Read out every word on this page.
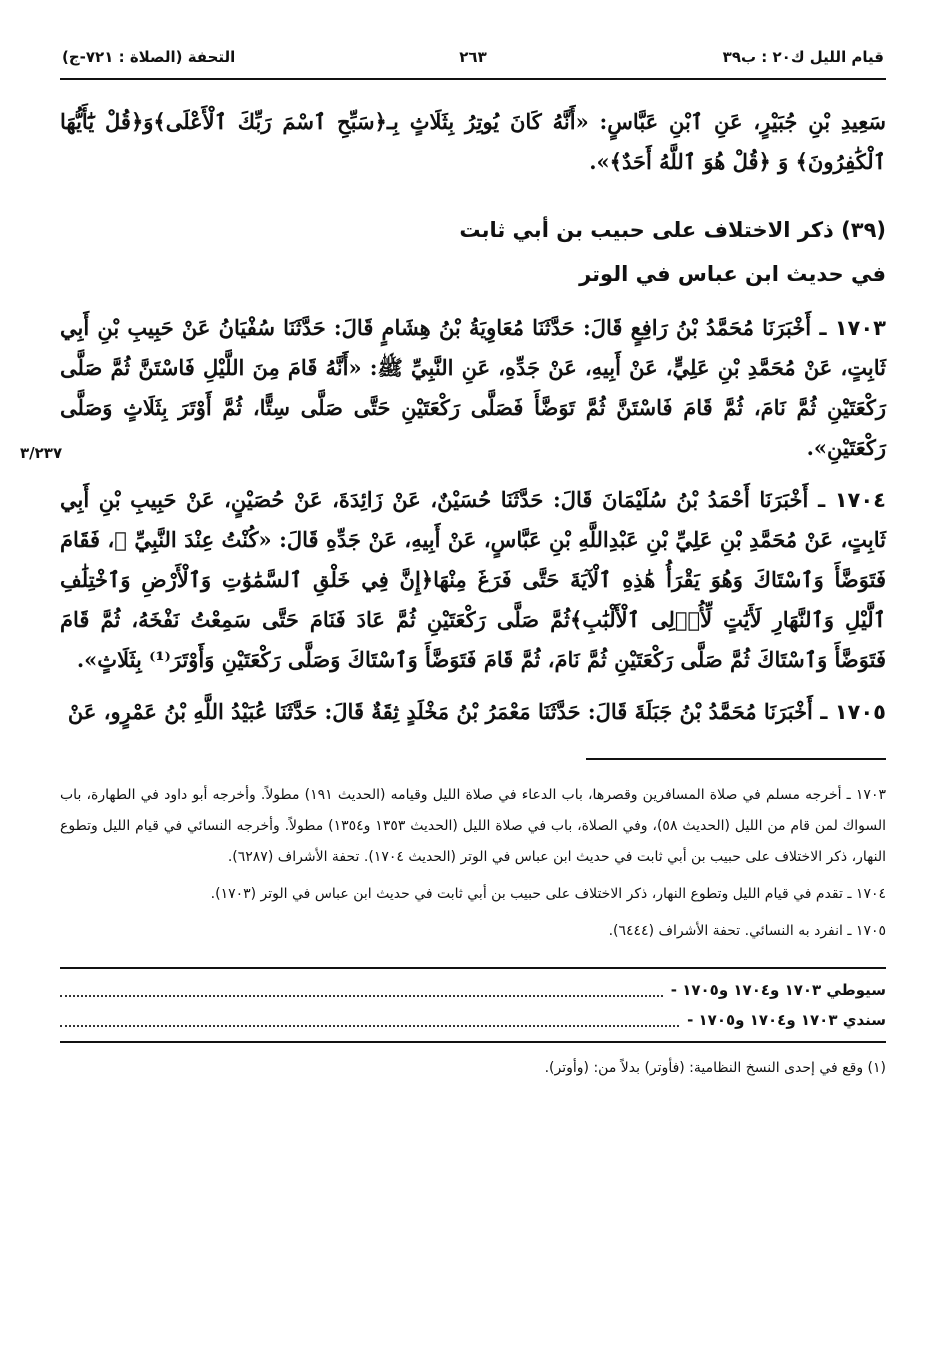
قيام الليل ك٢٠ : ب٣٩
٢٦٣
التحفة (الصلاة : ٧٢١-ج)

سَعِيدِ بْنِ جُبَيْرٍ، عَنِ ٱبْنِ عَبَّاسٍ: «أَنَّهُ كَانَ يُوتِرُ بِثَلَاثٍ بِـ﴿سَبِّحِ ٱسْمَ رَبِّكَ ٱلْأَعْلَى﴾وَ﴿قُلْ يَٰٓأَيُّهَا ٱلْكَٰفِرُونَ﴾ وَ ﴿قُلْ هُوَ ٱللَّهُ أَحَدٌ﴾».

(٣٩) ذكر الاختلاف على حبيب بن أبي ثابت
في حديث ابن عباس في الوتر

١٧٠٣ ـ أَخْبَرَنَا مُحَمَّدُ بْنُ رَافِعٍ قَالَ: حَدَّثَنَا مُعَاوِيَةُ بْنُ هِشَامٍ قَالَ: حَدَّثَنَا سُفْيَانُ عَنْ حَبِيبِ بْنِ أَبِي ثَابِتٍ، عَنْ مُحَمَّدِ بْنِ عَلِيٍّ، عَنْ أَبِيهِ، عَنْ جَدِّهِ، عَنِ النَّبِيِّ ﷺ: «أَنَّهُ قَامَ مِنَ اللَّيْلِ فَاسْتَنَّ ثُمَّ صَلَّى رَكْعَتَيْنِ ثُمَّ نَامَ، ثُمَّ قَامَ فَاسْتَنَّ ثُمَّ تَوَضَّأَ فَصَلَّى رَكْعَتَيْنِ حَتَّى صَلَّى سِتًّا، ثُمَّ أَوْتَرَ بِثَلَاثٍ وَصَلَّى رَكْعَتَيْنِ».

١٧٠٤ ـ أَخْبَرَنَا أَحْمَدُ بْنُ سُلَيْمَانَ قَالَ: حَدَّثَنَا حُسَيْنٌ، عَنْ زَائِدَةَ، عَنْ حُصَيْنٍ، عَنْ حَبِيبِ بْنِ أَبِي ثَابِتٍ، عَنْ مُحَمَّدِ بْنِ عَلِيِّ بْنِ عَبْدِاللَّهِ بْنِ عَبَّاسٍ، عَنْ أَبِيهِ، عَنْ جَدِّهِ قَالَ: «كُنْتُ عِنْدَ النَّبِيِّ ﷺ، فَقَامَ فَتَوَضَّأَ وَٱسْتَاكَ وَهُوَ يَقْرَأُ هَٰذِهِ ٱلْآيَةَ حَتَّى فَرَغَ مِنْهَا﴿إِنَّ فِي خَلْقِ ٱلسَّمَٰوَٰتِ وَٱلْأَرْضِ وَٱخْتِلَٰفِ ٱلَّيْلِ وَٱلنَّهَارِ لَأَيَٰتٍ لِّأُو۟لِى ٱلْأَلْبَٰبِ﴾ثُمَّ صَلَّى رَكْعَتَيْنِ ثُمَّ عَادَ فَنَامَ حَتَّى سَمِعْتُ نَفْخَهُ، ثُمَّ قَامَ فَتَوَضَّأَ وَٱسْتَاكَ ثُمَّ صَلَّى رَكْعَتَيْنِ ثُمَّ نَامَ، ثُمَّ قَامَ فَتَوَضَّأَ وَٱسْتَاكَ وَصَلَّى رَكْعَتَيْنِ وَأَوْتَرَ⁽¹⁾ بِثَلَاثٍ».

١٧٠٥ ـ أَخْبَرَنَا مُحَمَّدُ بْنُ جَبَلَةَ قَالَ: حَدَّثَنَا مَعْمَرُ بْنُ مَخْلَدٍ ثِقَةٌ قَالَ: حَدَّثَنَا عُبَيْدُ اللَّهِ بْنُ عَمْرٍو، عَنْ

١٧٠٣ ـ أخرجه مسلم في صلاة المسافرين وقصرها، باب الدعاء في صلاة الليل وقيامه (الحديث ١٩١) مطولاً. وأخرجه أبو داود في الطهارة، باب السواك لمن قام من الليل (الحديث ٥٨)، وفي الصلاة، باب في صلاة الليل (الحديث ١٣٥٣ و١٣٥٤) مطولاً. وأخرجه النسائي في قيام الليل وتطوع النهار، ذكر الاختلاف على حبيب بن أبي ثابت في حديث ابن عباس في الوتر (الحديث ١٧٠٤). تحفة الأشراف (٦٢٨٧).

١٧٠٤ ـ تقدم في قيام الليل وتطوع النهار، ذكر الاختلاف على حبيب بن أبي ثابت في حديث ابن عباس في الوتر (١٧٠٣).

١٧٠٥ ـ انفرد به النسائي. تحفة الأشراف (٦٤٤٤).

سيوطي ١٧٠٣ و١٧٠٤ و١٧٠٥ -
سندي ١٧٠٣ و١٧٠٤ و١٧٠٥ -
(١) وقع في إحدى النسخ النظامية: (فأوتر) بدلاً من: (وأوتر).
٣/٢٣٧
